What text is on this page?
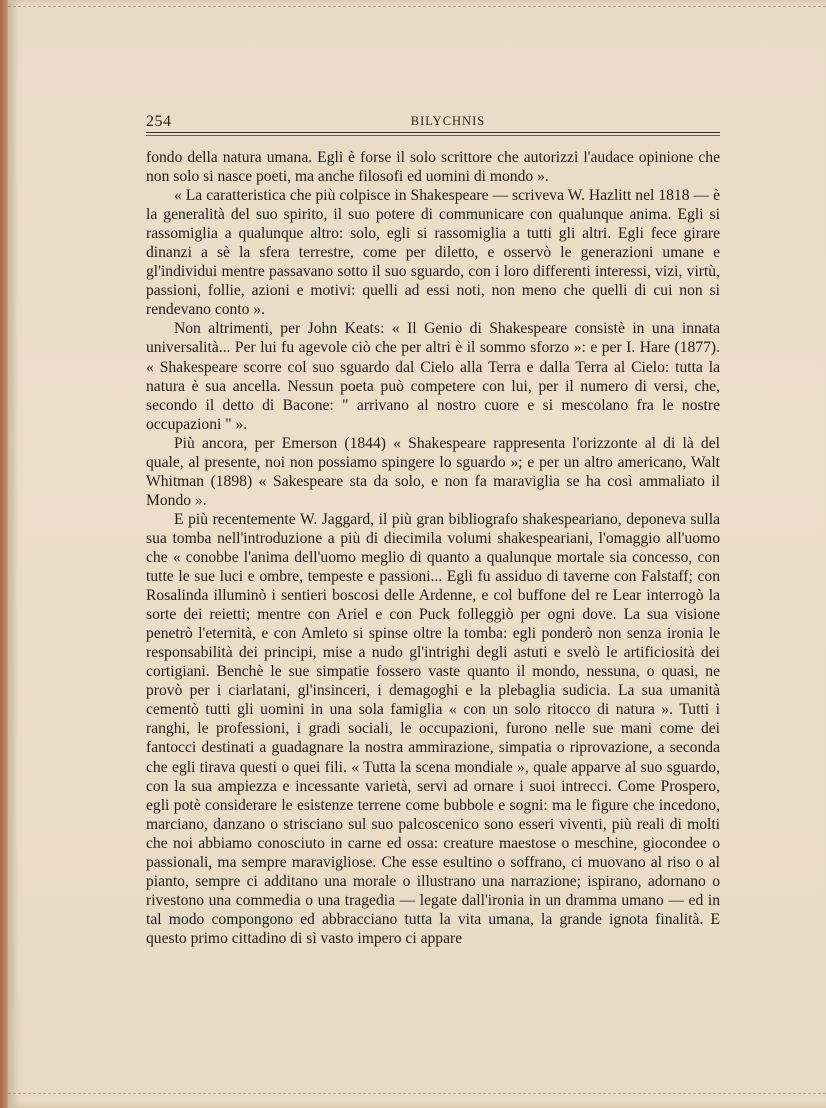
254	BILYCHNIS

fondo della natura umana. Egli è forse il solo scrittore che autorizzi l'audace opinione che non solo si nasce poeti, ma anche filosofi ed uomini di mondo ».

« La caratteristica che più colpisce in Shakespeare — scriveva W. Hazlitt nel 1818 — è la generalità del suo spirito, il suo potere di communicare con qualunque anima. Egli si rassomiglia a qualunque altro: solo, egli si rassomiglia a tutti gli altri. Egli fece girare dinanzi a sè la sfera terrestre, come per diletto, e osservò le generazioni umane e gl'individui mentre passavano sotto il suo sguardo, con i loro differenti interessi, vizi, virtù, passioni, follie, azioni e motivi: quelli ad essi noti, non meno che quelli di cui non si rendevano conto ».

Non altrimenti, per John Keats: « Il Genio di Shakespeare consistè in una innata universalità... Per lui fu agevole ciò che per altri è il sommo sforzo »: e per I. Hare (1877). « Shakespeare scorre col suo sguardo dal Cielo alla Terra e dalla Terra al Cielo: tutta la natura è sua ancella. Nessun poeta può competere con lui, per il numero di versi, che, secondo il detto di Bacone: " arrivano al nostro cuore e si mescolano fra le nostre occupazioni " ».

Più ancora, per Emerson (1844) « Shakespeare rappresenta l'orizzonte al di là del quale, al presente, noi non possiamo spingere lo sguardo »; e per un altro americano, Walt Whitman (1898) « Sakespeare sta da solo, e non fa maraviglia se ha così ammaliato il Mondo ».

E più recentemente W. Jaggard, il più gran bibliografo shakespeariano, deponeva sulla sua tomba nell'introduzione a più di diecimila volumi shakespeariani, l'omaggio all'uomo che « conobbe l'anima dell'uomo meglio di quanto a qualunque mortale sia concesso, con tutte le sue luci e ombre, tempeste e passioni... Egli fu assiduo di taverne con Falstaff; con Rosalinda illuminò i sentieri boscosi delle Ardenne, e col buffone del re Lear interrogò la sorte dei reietti; mentre con Ariel e con Puck folleggiò per ogni dove. La sua visione penetrò l'eternità, e con Amleto si spinse oltre la tomba: egli ponderò non senza ironia le responsabilità dei principi, mise a nudo gl'intrighi degli astuti e svelò le artificiosità dei cortigiani. Benchè le sue simpatie fossero vaste quanto il mondo, nessuna, o quasi, ne provò per i ciarlatani, gl'insinceri, i demagoghi e la plebaglia sudicia. La sua umanità cementò tutti gli uomini in una sola famiglia « con un solo ritocco di natura ». Tutti i ranghi, le professioni, i gradi sociali, le occupazioni, furono nelle sue mani come dei fantocci destinati a guadagnare la nostra ammirazione, simpatia o riprovazione, a seconda che egli tirava questi o quei fili. « Tutta la scena mondiale », quale apparve al suo sguardo, con la sua ampiezza e incessante varietà, servì ad ornare i suoi intrecci. Come Prospero, egli potè considerare le esistenze terrene come bubbole e sogni: ma le figure che incedono, marciano, danzano o strisciano sul suo palcoscenico sono esseri viventi, più reali di molti che noi abbiamo conosciuto in carne ed ossa: creature maestose o meschine, giocondee o passionali, ma sempre maravigliose. Che esse esultino o soffrano, ci muovano al riso o al pianto, sempre ci additano una morale o illustrano una narrazione; ispirano, adornano o rivestono una commedia o una tragedia — legate dall'ironia in un dramma umano — ed in tal modo compongono ed abbracciano tutta la vita umana, la grande ignota finalità. E questo primo cittadino di sì vasto impero ci appare
